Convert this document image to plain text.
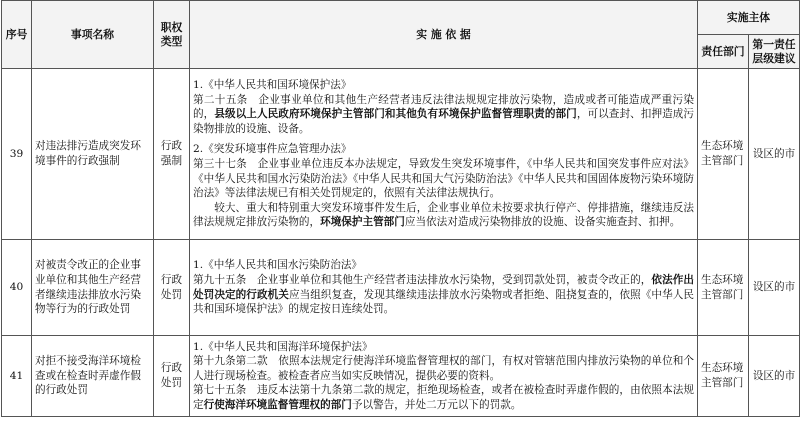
序号	事项名称	职权类型	实 施 依 据	实施主体	
				责任部门	第一责任层级建议
39	对违法排污造成突发环境事件的行政强制	行政强制	1.《中华人民共和国环境保护法》

第二十五条　企业事业单位和其他生产经营者违反法律法规规定排放污染物，造成或者可能造成严重污染的，县级以上人民政府环境保护主管部门和其他负有环境保护监督管理职责的部门，可以查封、扣押造成污染物排放的设施、设备。

2.《突发环境事件应急管理办法》

第三十七条　企业事业单位违反本办法规定，导致发生突发环境事件，《中华人民共和国突发事件应对法》《中华人民共和国水污染防治法》《中华人民共和国大气污染防治法》《中华人民共和国固体废物污染环境防治法》等法律法规已有相关处罚规定的，依照有关法律法规执行。

较大、重大和特别重大突发环境事件发生后，企业事业单位未按要求执行停产、停排措施，继续违反法律法规规定排放污染物的，环境保护主管部门应当依法对造成污染物排放的设施、设备实施查封、扣押。	生态环境主管部门	设区的市
40	对被责令改正的企业事业单位和其他生产经营者继续违法排放水污染物等行为的行政处罚	行政处罚	1.《中华人民共和国水污染防治法》

第九十五条　企业事业单位和其他生产经营者违法排放水污染物，受到罚款处罚，被责令改正的，依法作出处罚决定的行政机关应当组织复查，发现其继续违法排放水污染物或者拒绝、阻挠复查的，依照《中华人民共和国环境保护法》的规定按日连续处罚。	生态环境主管部门	设区的市
41	对拒不接受海洋环境检查或在检查时弄虚作假的行政处罚	行政处罚	1.《中华人民共和国海洋环境保护法》

第十九条第二款　依照本法规定行使海洋环境监督管理权的部门，有权对管辖范围内排放污染物的单位和个人进行现场检查。被检查者应当如实反映情况，提供必要的资料。

第七十五条　违反本法第十九条第二款的规定，拒绝现场检查，或者在被检查时弄虚作假的，由依照本法规定行使海洋环境监督管理权的部门予以警告，并处二万元以下的罚款。	生态环境主管部门	设区的市
